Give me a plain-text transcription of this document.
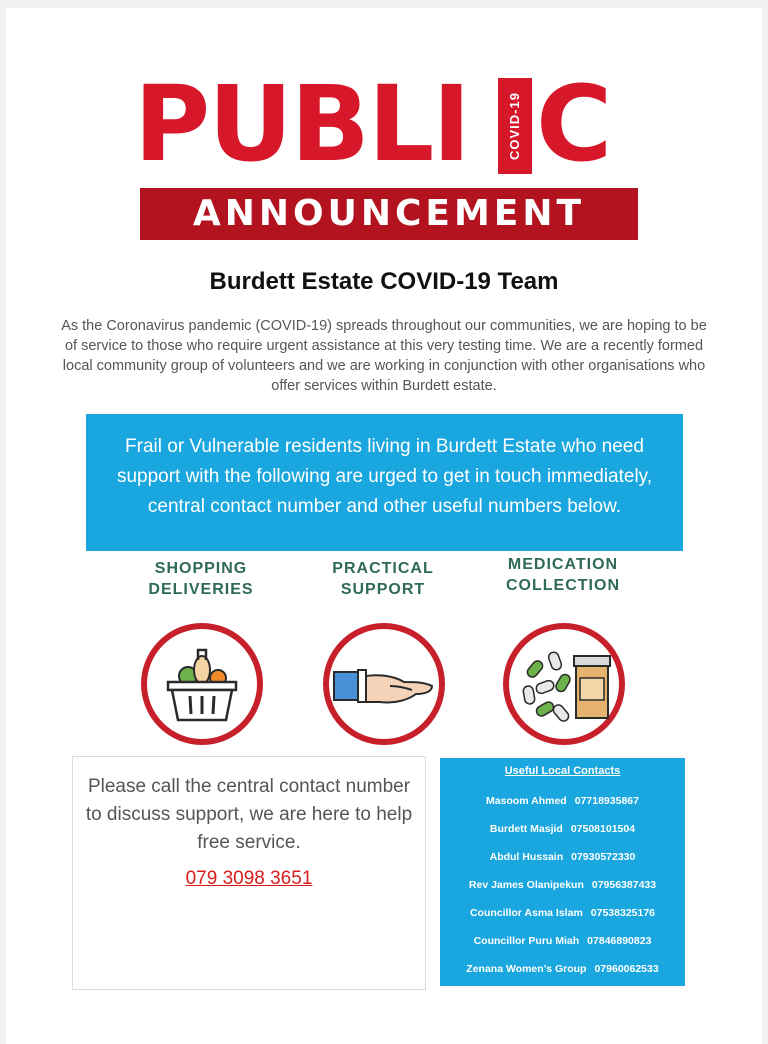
PUBLI	COVID-19 C
ANNOUNCEMENT
Burdett Estate COVID-19 Team
As the Coronavirus pandemic (COVID-19) spreads throughout our communities, we are hoping to be of service to those who require urgent assistance at this very testing time. We are a recently formed local community group of volunteers and we are working in conjunction with other organisations who offer services within Burdett estate.
Frail or Vulnerable residents living in Burdett Estate who need support with the following are urged to get in touch immediately, central contact number and other useful numbers below.
SHOPPING
DELIVERIES
PRACTICAL
SUPPORT
MEDICATION
COLLECTION
Please call the central contact number to discuss support, we are here to help free service.
079 3098 3651
Useful Local Contacts
Masoom Ahmed 07718935867
Burdett Masjid 07508101504
Abdul Hussain 07930572330
Rev James Olanipekun 07956387433
Councillor Asma Islam 07538325176
Councillor Puru Miah 07846890823
Zenana Women’s Group 07960062533
